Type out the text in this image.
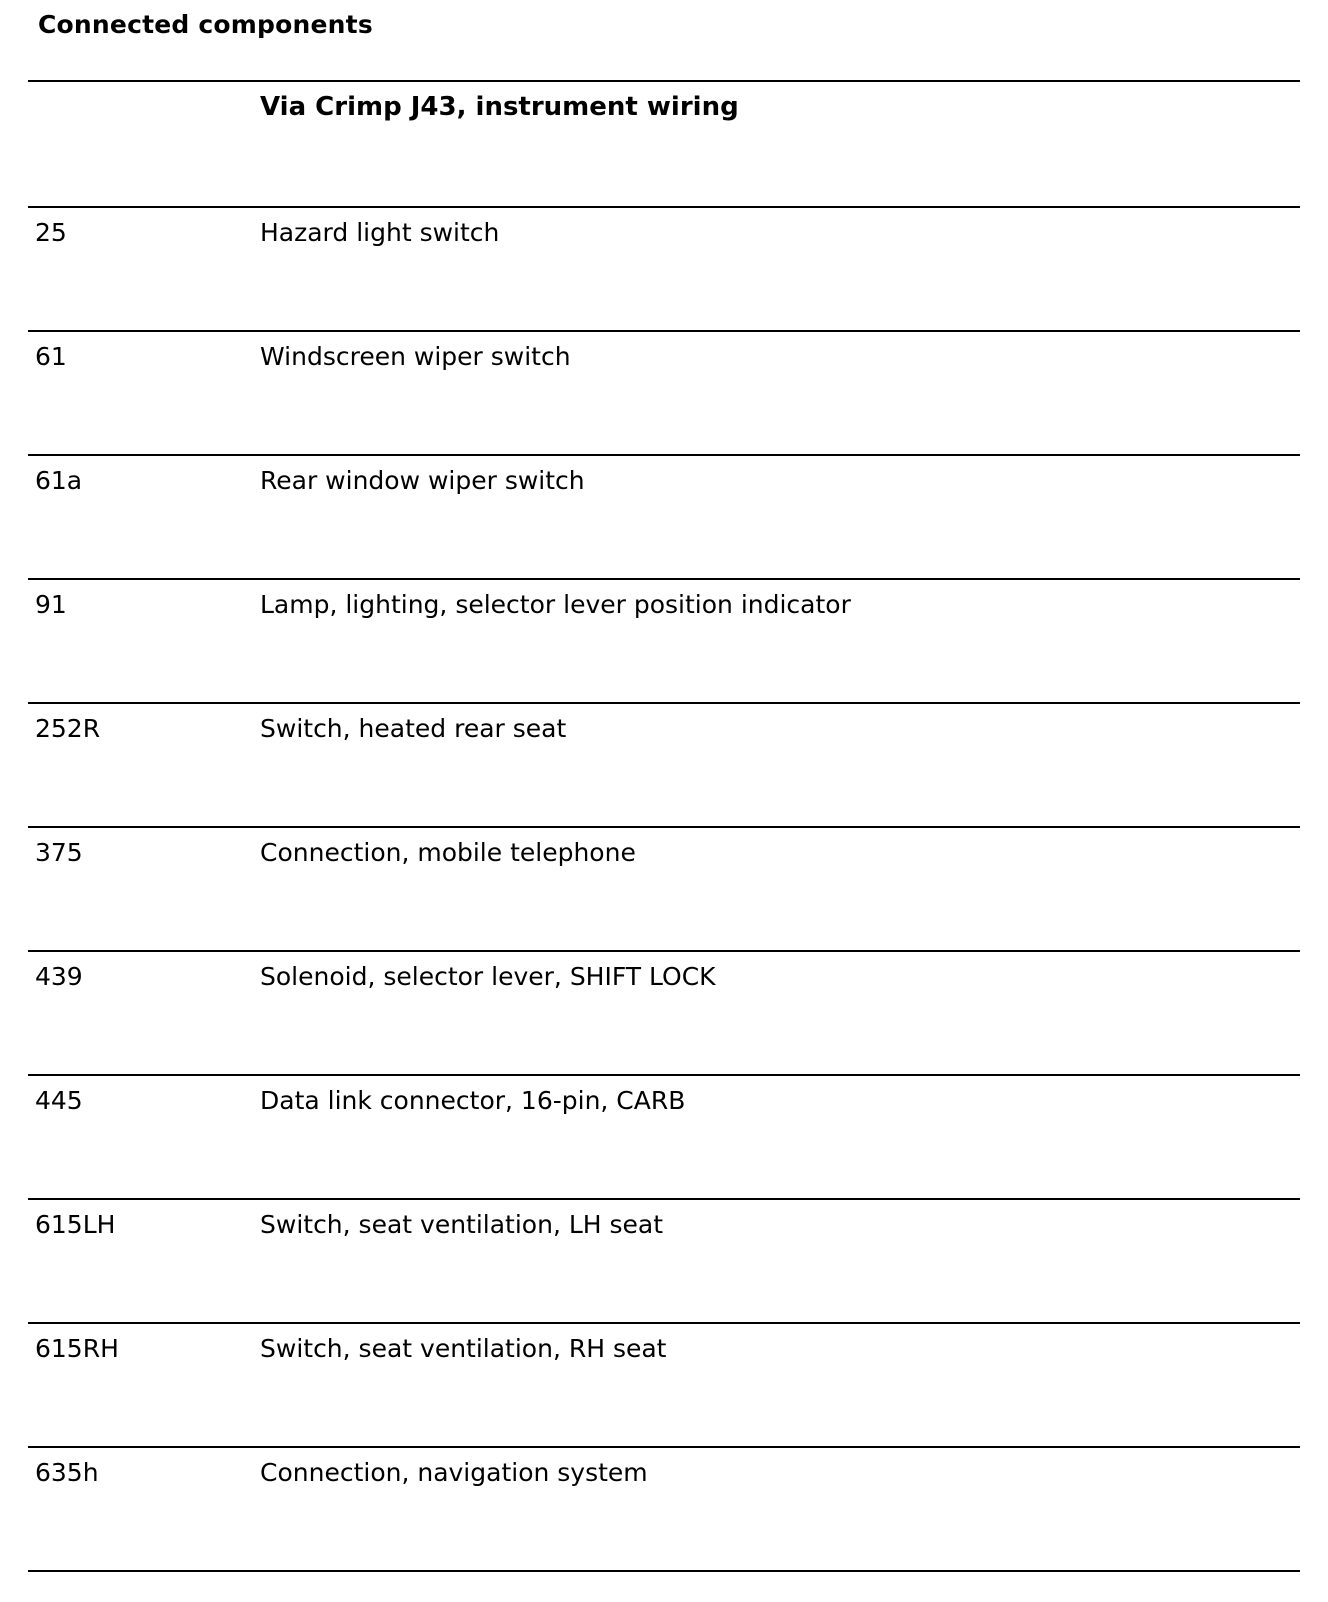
Connected components
Via Crimp J43, instrument wiring
25	Hazard light switch
61	Windscreen wiper switch
61a	Rear window wiper switch
91	Lamp, lighting, selector lever position indicator
252R	Switch, heated rear seat
375	Connection, mobile telephone
439	Solenoid, selector lever, SHIFT LOCK
445	Data link connector, 16-pin, CARB
615LH	Switch, seat ventilation, LH seat
615RH	Switch, seat ventilation, RH seat
635h	Connection, navigation system
